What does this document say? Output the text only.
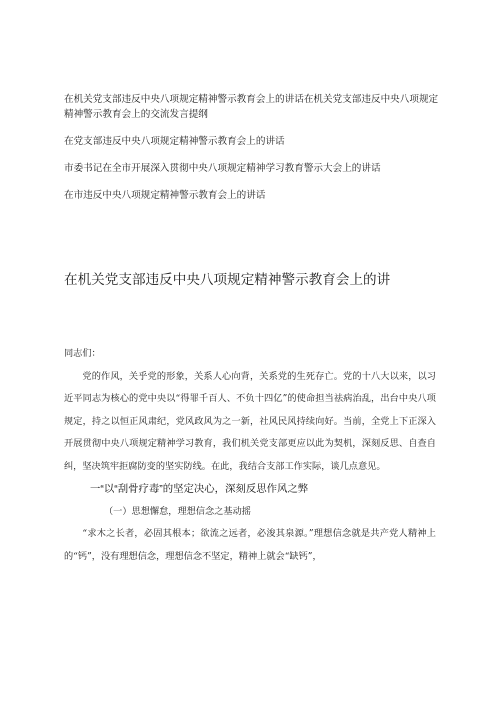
在机关党支部违反中央八项规定精神警示教育会上的讲话在机关党支部违反中央八项规定精神警示教育会上的交流发言提纲

在党支部违反中央八项规定精神警示教育会上的讲话

市委书记在全市开展深入贯彻中央八项规定精神学习教育警示大会上的讲话

在市违反中央八项规定精神警示教育会上的讲话

在机关党支部违反中央八项规定精神警示教育会上的讲

同志们：

党的作风，关乎党的形象，关系人心向背，关系党的生死存亡。党的十八大以来，以习近平同志为核心的党中央以“得罪千百人、不负十四亿”的使命担当祛病治乱，出台中央八项规定，持之以恒正风肃纪，党风政风为之一新，社风民风持续向好。当前，全党上下正深入开展贯彻中央八项规定精神学习教育，我们机关党支部更应以此为契机，深刻反思、自查自纠，坚决筑牢拒腐防变的坚实防线。在此，我结合支部工作实际，谈几点意见。

一“以“刮骨疗毒”的坚定决心，深刻反思作风之弊

（一）思想懈怠，理想信念之基动摇

“求木之长者，必固其根本；欲流之远者，必浚其泉源。”理想信念就是共产党人精神上的“钙”，没有理想信念，理想信念不坚定，精神上就会“缺钙”，
